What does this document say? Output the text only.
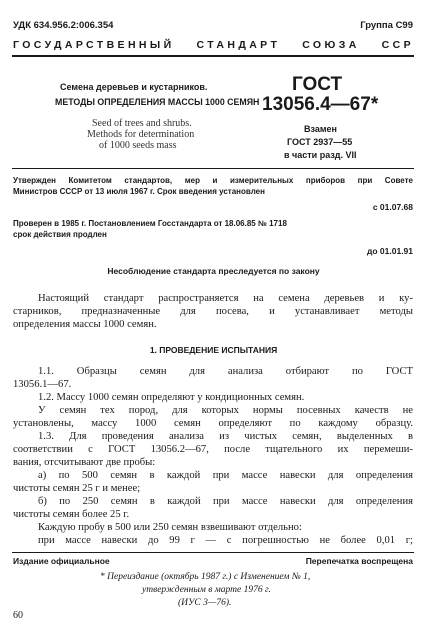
УДК 634.956.2:006.354	Группа С99
ГОСУДАРСТВЕННЫЙ СТАНДАРТ СОЮЗА ССР
Семена деревьев и кустарников.
МЕТОДЫ ОПРЕДЕЛЕНИЯ МАССЫ 1000 СЕМЯН
Seed of trees and shrubs.
Methods for determination
of 1000 seeds mass
ГОСТ
13056.4—67*
Взамен
ГОСТ 2937—55
в части разд. VII
Утвержден Комитетом стандартов, мер и измерительных приборов при Совете
Министров СССР от 13 июля 1967 г. Срок введения установлен
с 01.07.68
Проверен в 1985 г. Постановлением Госстандарта от 18.06.85 № 1718
срок действия продлен
до 01.01.91
Несоблюдение стандарта преследуется по закону
Настоящий стандарт распространяется на семена деревьев и ку-
старников, предназначенные для посева, и устанавливает методы
определения массы 1000 семян.
1. ПРОВЕДЕНИЕ ИСПЫТАНИЯ
1.1. Образцы семян для анализа отбирают по ГОСТ
13056.1—67.
1.2. Массу 1000 семян определяют у кондиционных семян.
У семян тех пород, для которых нормы посевных качеств не
установлены, массу 1000 семян определяют по каждому образцу.
1.3. Для проведения анализа из чистых семян, выделенных в
соответствии с ГОСТ 13056.2—67, после тщательного их перемеши-
вания, отсчитывают две пробы:
а) по 500 семян в каждой при массе навески для определения
чистоты семян 25 г и менее;
б) по 250 семян в каждой при массе навески для определения
чистоты семян более 25 г.
Каждую пробу в 500 или 250 семян взвешивают отдельно:
при массе навески до 99 г — с погрешностью не более 0,01 г;
Издание официальное	Перепечатка воспрещена
* Переиздание (октябрь 1987 г.) с Изменением № 1,
утвержденным в марте 1976 г.
(ИУС 3—76).
60
